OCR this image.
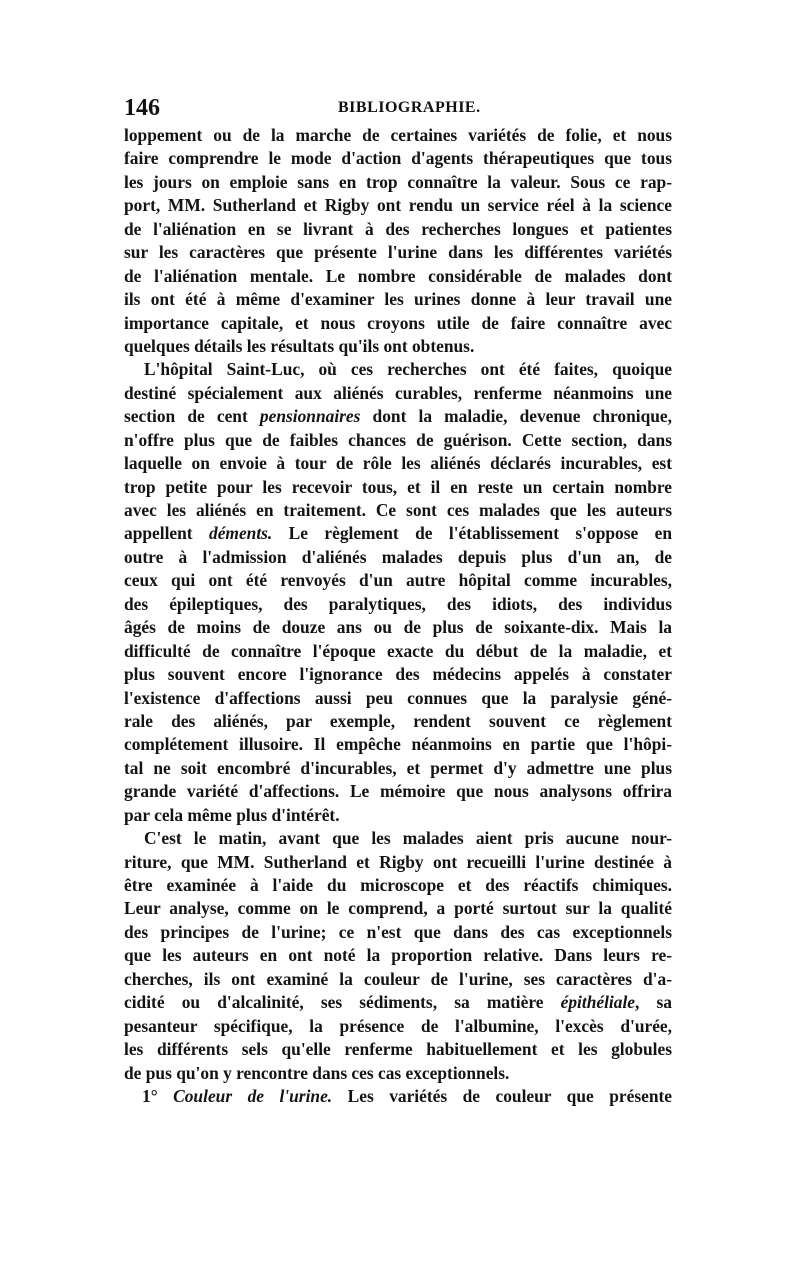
146	BIBLIOGRAPHIE.
loppement ou de la marche de certaines variétés de folie, et nous
faire comprendre le mode d'action d'agents thérapeutiques que tous
les jours on emploie sans en trop connaître la valeur. Sous ce rap-
port, MM. Sutherland et Rigby ont rendu un service réel à la science
de l'aliénation en se livrant à des recherches longues et patientes
sur les caractères que présente l'urine dans les différentes variétés
de l'aliénation mentale. Le nombre considérable de malades dont
ils ont été à même d'examiner les urines donne à leur travail une
importance capitale, et nous croyons utile de faire connaître avec
quelques détails les résultats qu'ils ont obtenus.
L'hôpital Saint-Luc, où ces recherches ont été faites, quoique
destiné spécialement aux aliénés curables, renferme néanmoins une
section de cent pensionnaires dont la maladie, devenue chronique,
n'offre plus que de faibles chances de guérison. Cette section, dans
laquelle on envoie à tour de rôle les aliénés déclarés incurables, est
trop petite pour les recevoir tous, et il en reste un certain nombre
avec les aliénés en traitement. Ce sont ces malades que les auteurs
appellent déments. Le règlement de l'établissement s'oppose en
outre à l'admission d'aliénés malades depuis plus d'un an, de
ceux qui ont été renvoyés d'un autre hôpital comme incurables,
des épileptiques, des paralytiques, des idiots, des individus
âgés de moins de douze ans ou de plus de soixante-dix. Mais la
difficulté de connaître l'époque exacte du début de la maladie, et
plus souvent encore l'ignorance des médecins appelés à constater
l'existence d'affections aussi peu connues que la paralysie géné-
rale des aliénés, par exemple, rendent souvent ce règlement
complétement illusoire. Il empêche néanmoins en partie que l'hôpi-
tal ne soit encombré d'incurables, et permet d'y admettre une plus
grande variété d'affections. Le mémoire que nous analysons offrira
par cela même plus d'intérêt.
C'est le matin, avant que les malades aient pris aucune nour-
riture, que MM. Sutherland et Rigby ont recueilli l'urine destinée à
être examinée à l'aide du microscope et des réactifs chimiques.
Leur analyse, comme on le comprend, a porté surtout sur la qualité
des principes de l'urine; ce n'est que dans des cas exceptionnels
que les auteurs en ont noté la proportion relative. Dans leurs re-
cherches, ils ont examiné la couleur de l'urine, ses caractères d'a-
cidité ou d'alcalinité, ses sédiments, sa matière épithéliale, sa
pesanteur spécifique, la présence de l'albumine, l'excès d'urée,
les différents sels qu'elle renferme habituellement et les globules
de pus qu'on y rencontre dans ces cas exceptionnels.
1° Couleur de l'urine. Les variétés de couleur que présente
